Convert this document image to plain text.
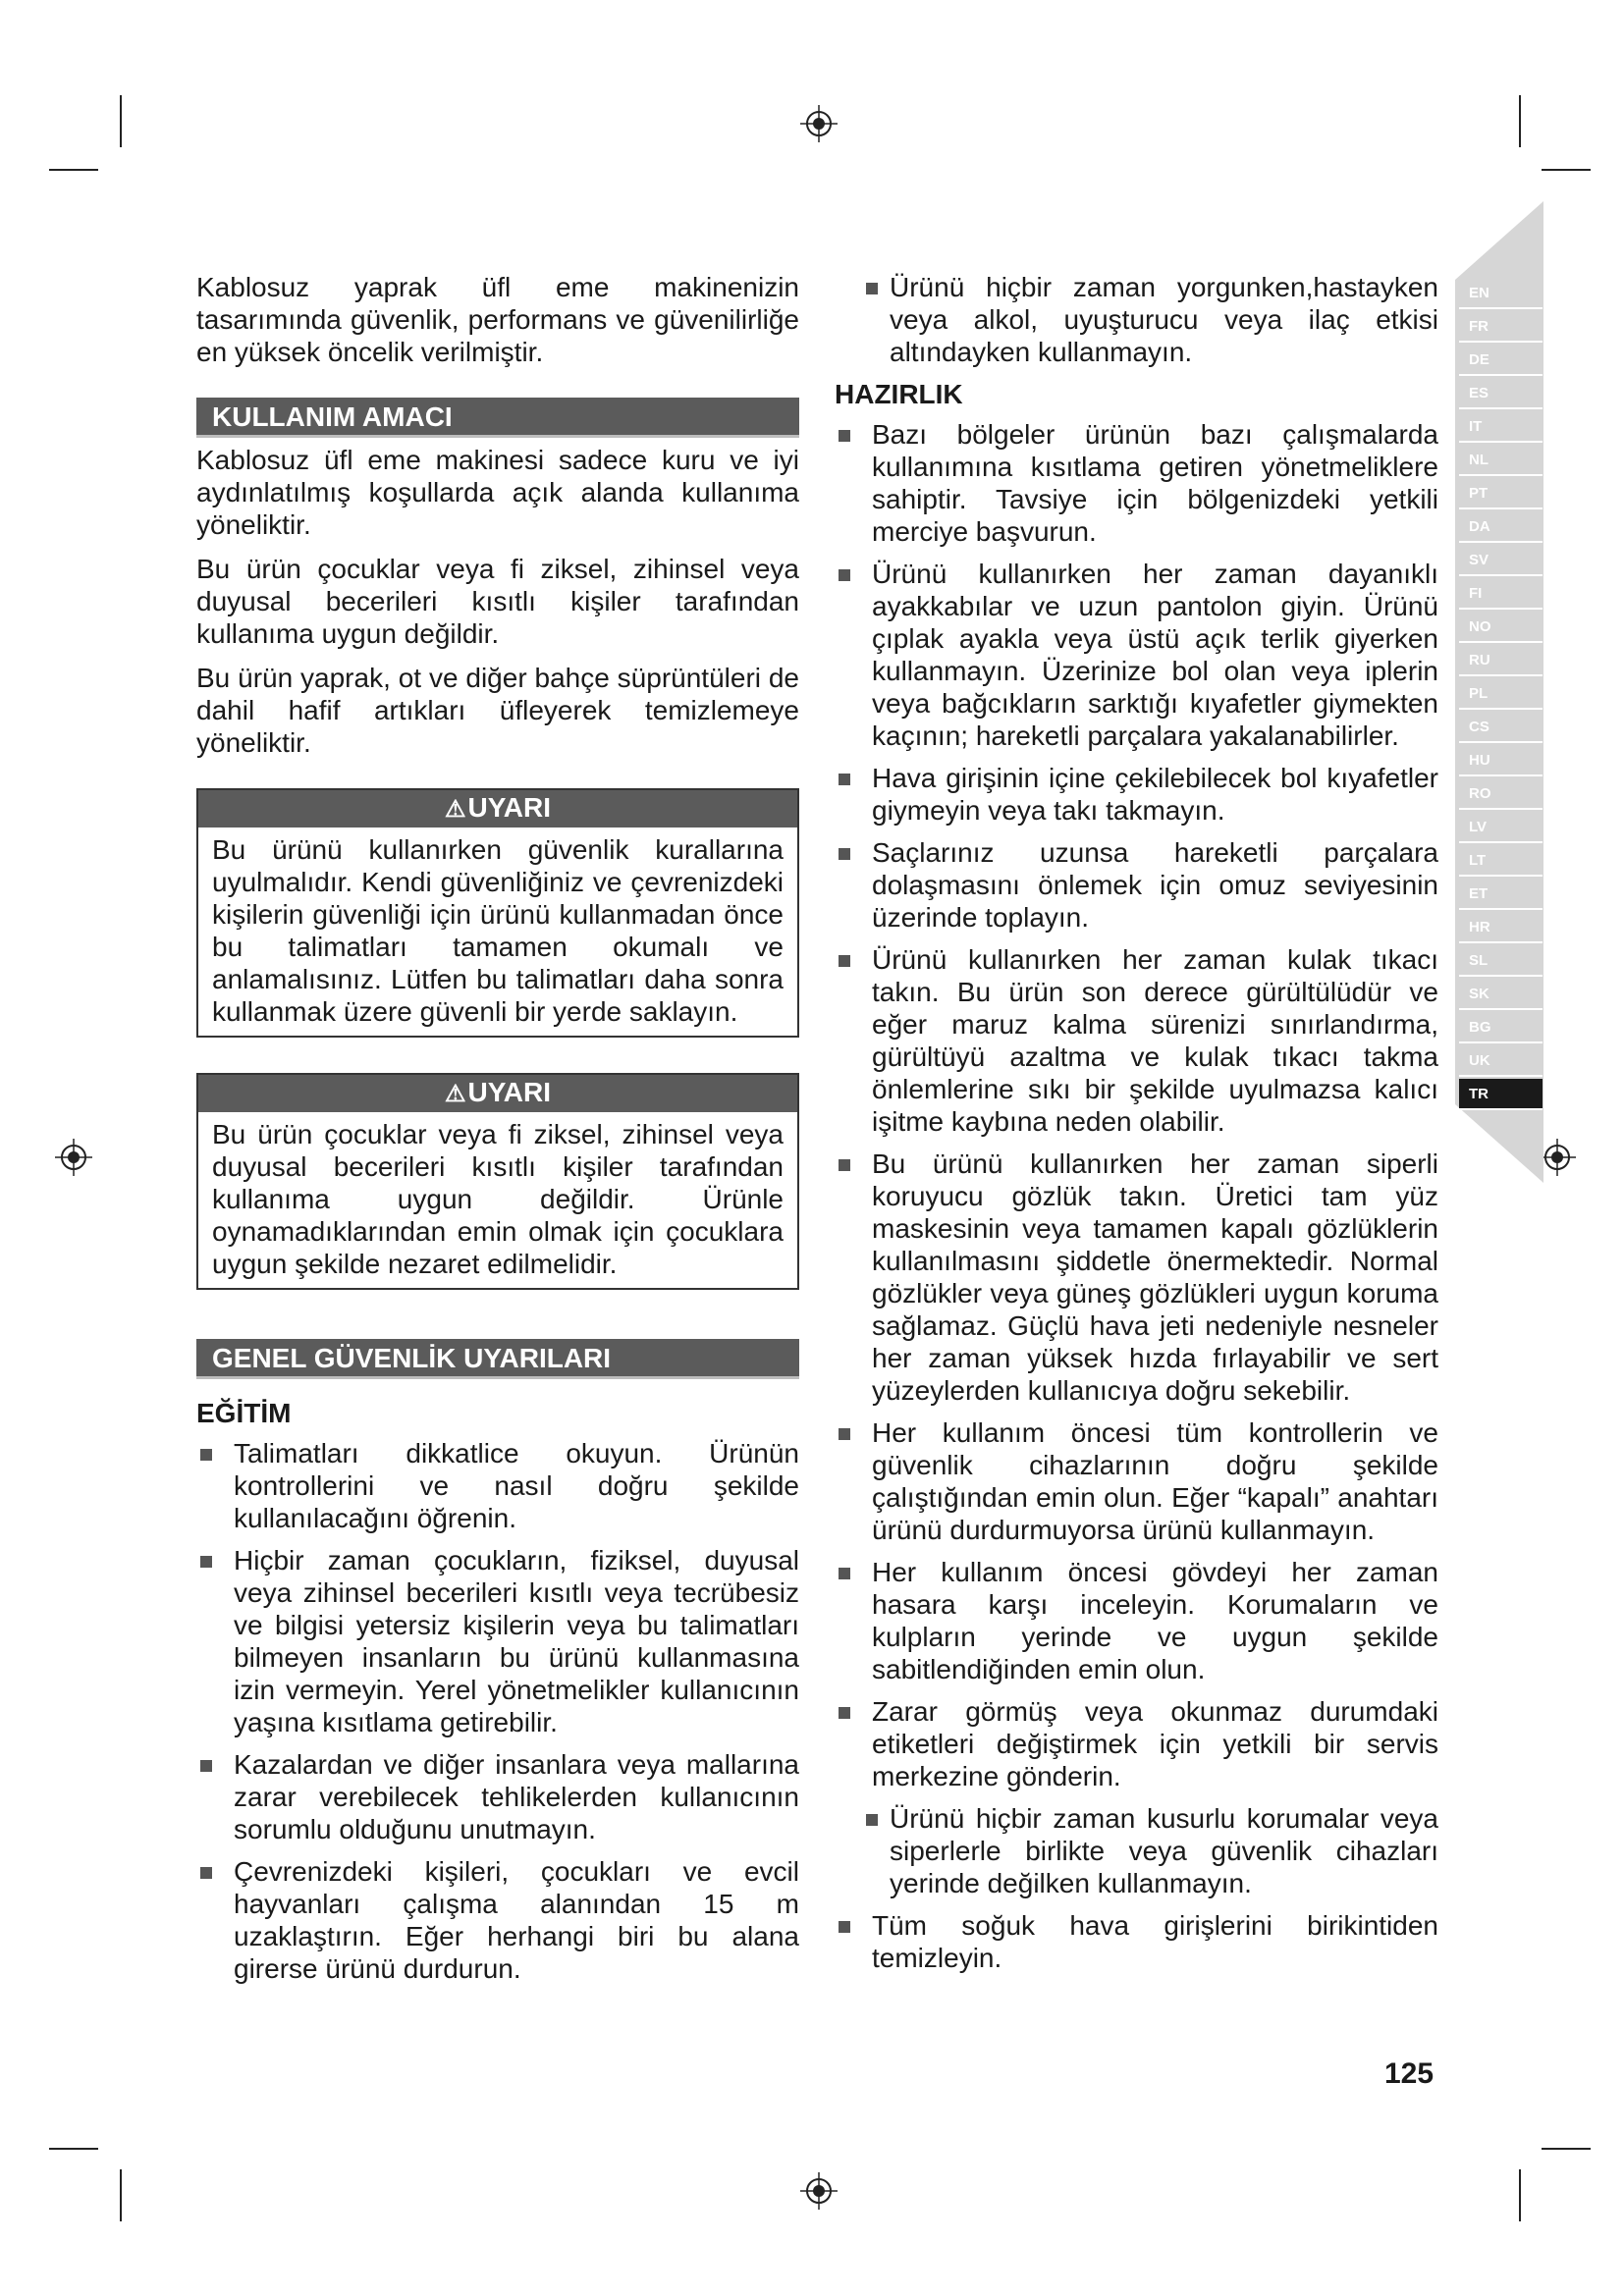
EN
FR
DE
ES
IT
NL
PT
DA
SV
FI
NO
RU
PL
CS
HU
RO
LV
LT
ET
HR
SL
SK
BG
UK
TR

Kablosuz yaprak üfl eme makinenizin tasarımında güvenlik, performans ve güvenilirliğe en yüksek öncelik verilmiştir.

KULLANIM AMACI

Kablosuz üfl eme makinesi sadece kuru ve iyi aydınlatılmış koşullarda açık alanda kullanıma yöneliktir.

Bu ürün çocuklar veya fi ziksel, zihinsel veya duyusal becerileri kısıtlı kişiler tarafından kullanıma uygun değildir.

Bu ürün yaprak, ot ve diğer bahçe süprüntüleri de dahil hafif artıkları üfleyerek temizlemeye yöneliktir.

⚠UYARI

Bu ürünü kullanırken güvenlik kurallarına uyulmalıdır. Kendi güvenliğiniz ve çevrenizdeki kişilerin güvenliği için ürünü kullanmadan önce bu talimatları tamamen okumalı ve anlamalısınız. Lütfen bu talimatları daha sonra kullanmak üzere güvenli bir yerde saklayın.

⚠UYARI

Bu ürün çocuklar veya fi ziksel, zihinsel veya duyusal becerileri kısıtlı kişiler tarafından kullanıma uygun değildir. Ürünle oynamadıklarından emin olmak için çocuklara uygun şekilde nezaret edilmelidir.

GENEL GÜVENLİK UYARILARI
EĞİTİM
Talimatları dikkatlice okuyun. Ürünün kontrollerini ve nasıl doğru şekilde kullanılacağını öğrenin.
Hiçbir zaman çocukların, fiziksel, duyusal veya zihinsel becerileri kısıtlı veya tecrübesiz ve bilgisi yetersiz kişilerin veya bu talimatları bilmeyen insanların bu ürünü kullanmasına izin vermeyin. Yerel yönetmelikler kullanıcının yaşına kısıtlama getirebilir.
Kazalardan ve diğer insanlara veya mallarına zarar verebilecek tehlikelerden kullanıcının sorumlu olduğunu unutmayın.
Çevrenizdeki kişileri, çocukları ve evcil hayvanları çalışma alanından 15 m uzaklaştırın. Eğer herhangi biri bu alana girerse ürünü durdurun.
Ürünü hiçbir zaman yorgunken,hastayken veya alkol, uyuşturucu veya ilaç etkisi altındayken kullanmayın.
HAZIRLIK
Bazı bölgeler ürünün bazı çalışmalarda kullanımına kısıtlama getiren yönetmeliklere sahiptir. Tavsiye için bölgenizdeki yetkili merciye başvurun.
Ürünü kullanırken her zaman dayanıklı ayakkabılar ve uzun pantolon giyin. Ürünü çıplak ayakla veya üstü açık terlik giyerken kullanmayın. Üzerinize bol olan veya iplerin veya bağcıkların sarktığı kıyafetler giymekten kaçının; hareketli parçalara yakalanabilirler.
Hava girişinin içine çekilebilecek bol kıyafetler giymeyin veya takı takmayın.
Saçlarınız uzunsa hareketli parçalara dolaşmasını önlemek için omuz seviyesinin üzerinde toplayın.
Ürünü kullanırken her zaman kulak tıkacı takın. Bu ürün son derece gürültülüdür ve eğer maruz kalma sürenizi sınırlandırma, gürültüyü azaltma ve kulak tıkacı takma önlemlerine sıkı bir şekilde uyulmazsa kalıcı işitme kaybına neden olabilir.
Bu ürünü kullanırken her zaman siperli koruyucu gözlük takın. Üretici tam yüz maskesinin veya tamamen kapalı gözlüklerin kullanılmasını şiddetle önermektedir. Normal gözlükler veya güneş gözlükleri uygun koruma sağlamaz. Güçlü hava jeti nedeniyle nesneler her zaman yüksek hızda fırlayabilir ve sert yüzeylerden kullanıcıya doğru sekebilir.
Her kullanım öncesi tüm kontrollerin ve güvenlik cihazlarının doğru şekilde çalıştığından emin olun. Eğer “kapalı” anahtarı ürünü durdurmuyorsa ürünü kullanmayın.
Her kullanım öncesi gövdeyi her zaman hasara karşı inceleyin. Korumaların ve kulpların yerinde ve uygun şekilde sabitlendiğinden emin olun.
Zarar görmüş veya okunmaz durumdaki etiketleri değiştirmek için yetkili bir servis merkezine gönderin.
Ürünü hiçbir zaman kusurlu korumalar veya siperlerle birlikte veya güvenlik cihazları yerinde değilken kullanmayın.
Tüm soğuk hava girişlerini birikintiden temizleyin.
125
